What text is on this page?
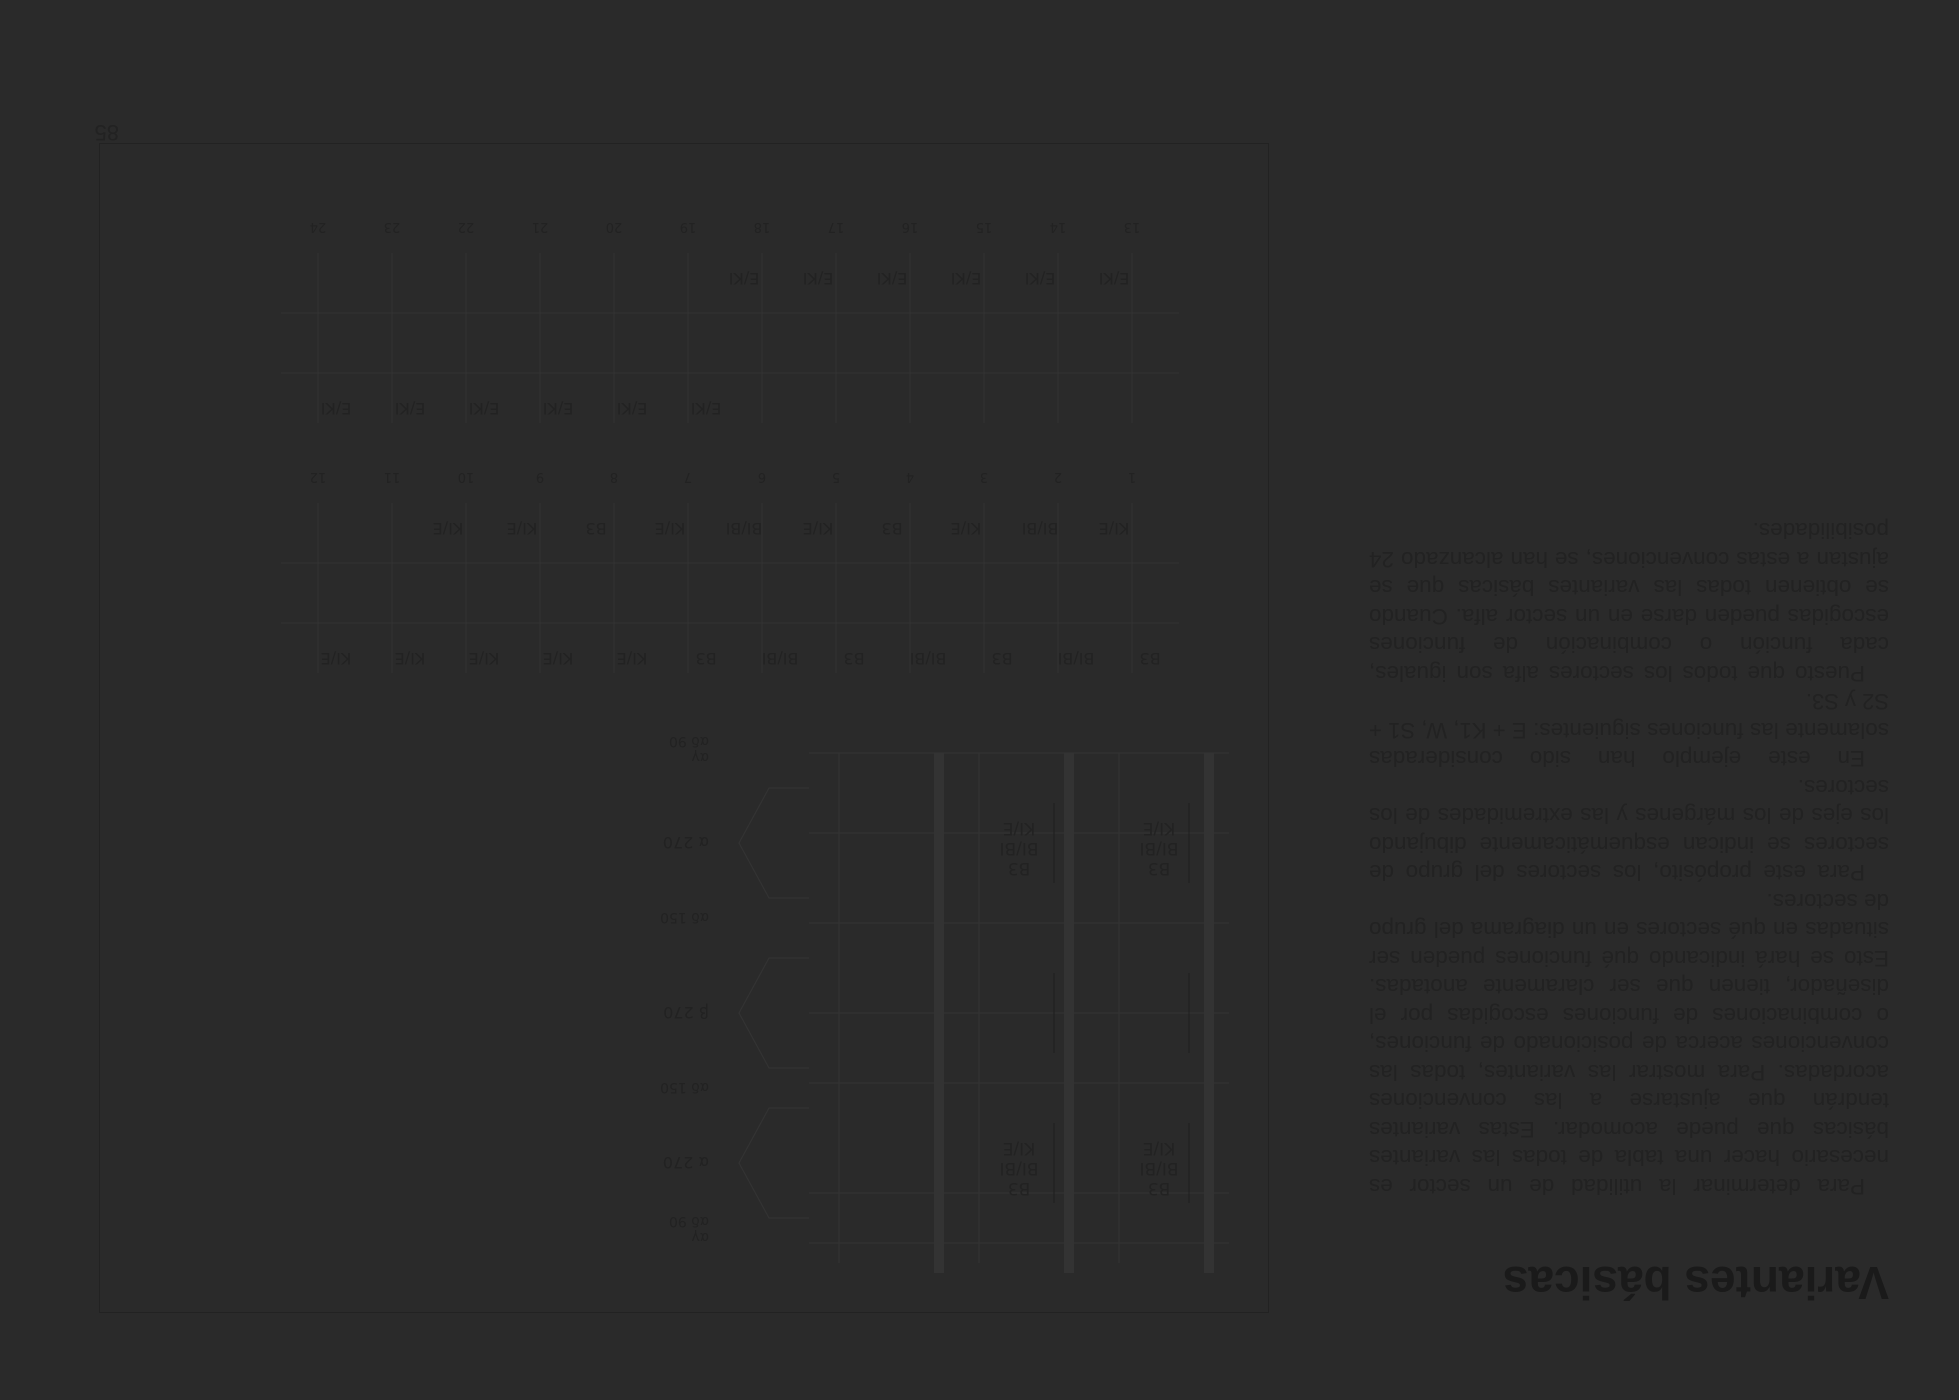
Variantes básicas

Para determinar la utilidad de un sector es necesario hacer una tabla de todas las variantes básicas que puede acomodar. Estas variantes tendrán que ajustarse a las convenciones acordadas. Para mostrar las variantes, todas las convenciones acerca de posicionado de funciones, o combinaciones de funciones escogidas por el diseñador, tienen que ser claramente anotadas. Esto se hará indicando qué funciones pueden ser situadas en qué sectores en un diagrama del grupo de sectores.

Para este propósito, los sectores del grupo de sectores se indican esquemáticamente dibujando los ejes de los márgenes y las extremidades de los sectores.

En este ejemplo han sido consideradas solamente las funciones siguientes: E + K1, W, S1 + S2 y S3.

Puesto que todos los sectores alfa son iguales, cada función o combinación de funciones escogidas pueden darse en un sector alfa. Cuando se obtienen todas las variantes básicas que se ajustan a estas convenciones, se han alcanzado 24 posibilidades.

B3
BI/BI
KI/E
B3
BI/BI
KI/E
α 270
αγ
αδ 90
β 270
αδ 150
B3
BI/BI
KI/E
B3
BI/BI
KI/E
α 270
αδ 150
αγ
αδ 90
1
B3
KI/E
2
BI/BI
BI/BI
3
B3
KI/E
4
BI/BI
B3
5
B3
KI/E
6
BI/BI
BI/BI
7
B3
KI/E
8
KI/E
B3
9
KI/E
KI/E
10
KI/E
KI/E
11
KI/E
12
KI/E
13
E/KI
14
E/KI
15
E/KI
16
E/KI
17
E/KI
18
E/KI
19
E/KI
20
E/KI
21
E/KI
22
E/KI
23
E/KI
24
E/KI
85
